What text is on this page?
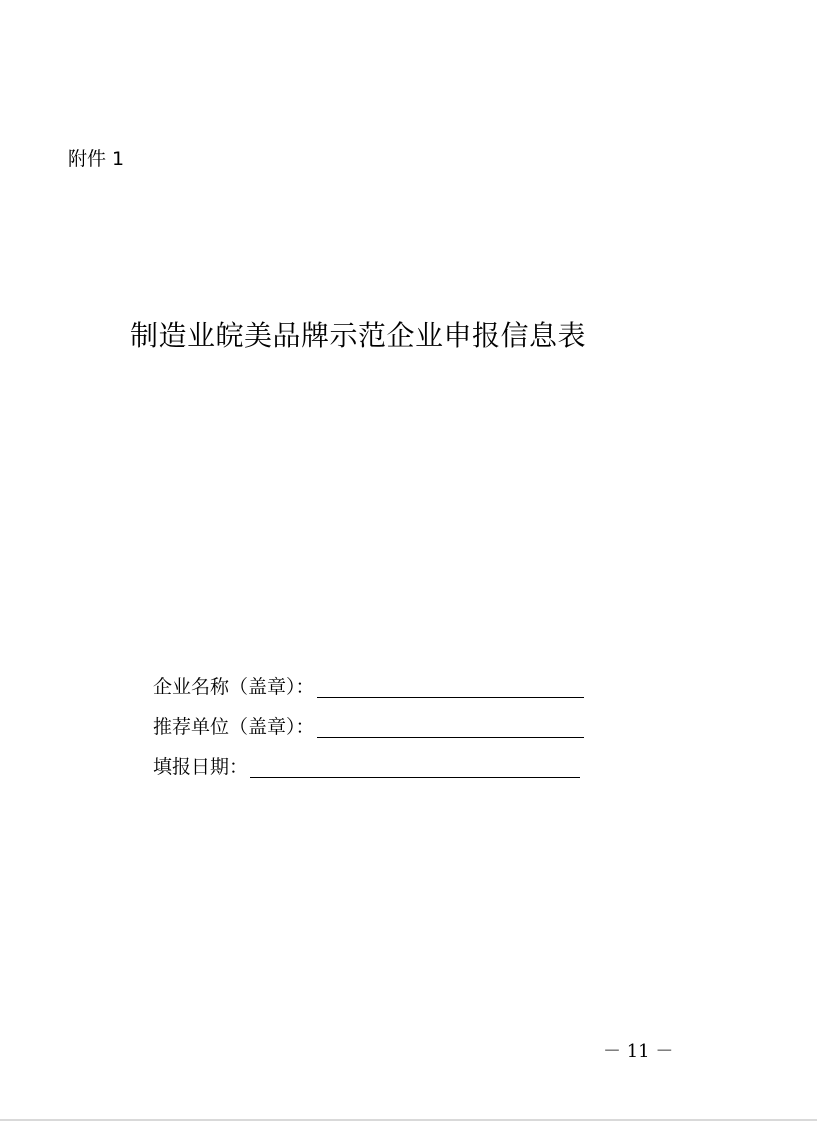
附件 1
制造业皖美品牌示范企业申报信息表
企业名称（盖章）：
推荐单位（盖章）：
填报日期：
－ 11 －
